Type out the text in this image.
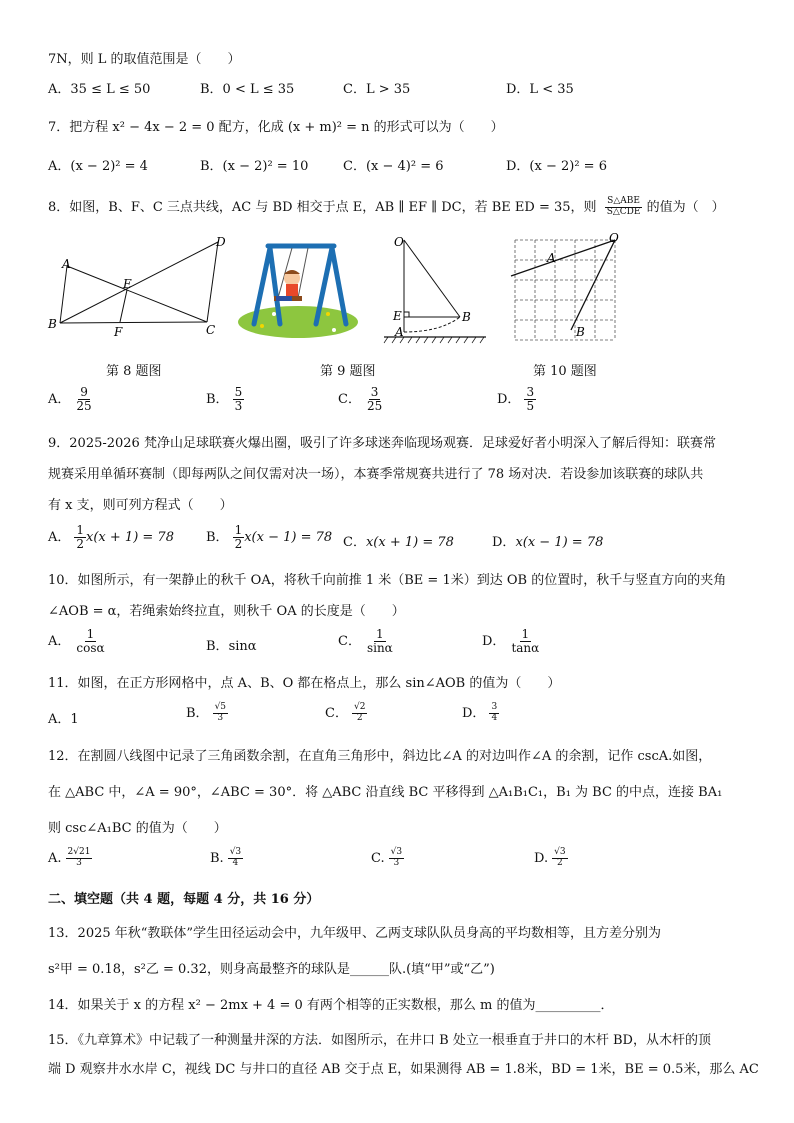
7N，则 L 的取值范围是（　　）
A．35 ≤ L ≤ 50	B．0 < L ≤ 35	C．L > 35	D．L < 35
7．把方程 x² − 4x − 2 = 0 配方，化成 (x + m)² = n 的形式可以为（　　）
A．(x − 2)² = 4	B．(x − 2)² = 10	C．(x − 4)² = 6	D．(x − 2)² = 6
8．如图，B、F、C 三点共线，AC 与 BD 相交于点 E，AB ∥ EF ∥ DC，若 BE ED = 35，则 $\frac{\text{S△ABE}}{\text{S△CDE}}$ 的值为（　）
A
B	C
D
E
F
O
E
A
B
A
O
B
第 8 题图	第 9 题图	第 10 题图
A． $\frac{9}{25}$	B． $\frac{5}{3}$	C． $\frac{3}{25}$	D． $\frac{3}{5}$
9．2025-2026 梵净山足球联赛火爆出圈，吸引了许多球迷奔临现场观赛．足球爱好者小明深入了解后得知：联赛常
规赛采用单循环赛制（即每两队之间仅需对决一场），本赛季常规赛共进行了 78 场对决．若设参加该联赛的球队共
有 x 支，则可列方程式（　　）
A． $\frac{1}{2} x(x + 1) = 78$ B． $\frac{1}{2} x(x - 1) = 78$ C．x(x + 1) = 78	D．x(x − 1) = 78
10．如图所示，有一架静止的秋千 OA，将秋千向前推 1 米（BE = 1米）到达 OB 的位置时，秋千与竖直方向的夹角
∠AOB = α，若绳索始终拉直，则秋千 OA 的长度是（　　）
A． $\frac{1}{\cos\alpha}$	B．sinα	C． $\frac{1}{\sin\alpha}$	D． $\frac{1}{\tan\alpha}$
11．如图，在正方形网格中，点 A、B、O 都在格点上，那么 sin∠AOB 的值为（　　）
A．1	B． $\frac{√5}{3}$	C． $\frac{√2}{2}$	D． $\frac{3}{4}$
12．在割圆八线图中记录了三角函数余割，在直角三角形中，斜边比∠A 的对边叫作∠A 的余割，记作 cscA.如图，
在 △ABC 中，∠A = 90°，∠ABC = 30°．将 △ABC 沿直线 BC 平移得到 △A₁B₁C₁，B₁ 为 BC 的中点，连接 BA₁
则 csc∠A₁BC 的值为（　　）
A. $\frac{2√21}{3}$	B. $\frac{√3}{4}$	C. $\frac{√3}{3}$	D. $\frac{√3}{2}$
二、填空题（共 4 题，每题 4 分，共 16 分）
13．2025 年秋“教联体”学生田径运动会中，九年级甲、乙两支球队队员身高的平均数相等，且方差分别为
s²甲 = 0.18，s²乙 = 0.32，则身高最整齐的球队是______队.(填“甲”或“乙”)
14．如果关于 x 的方程 x² − 2mx + 4 = 0 有两个相等的正实数根，那么 m 的值为__________．
15．《九章算术》中记载了一种测量井深的方法．如图所示，在井口 B 处立一根垂直于井口的木杆 BD，从木杆的顶
端 D 观察井水水岸 C，视线 DC 与井口的直径 AB 交于点 E，如果测得 AB = 1.8米，BD = 1米，BE = 0.5米，那么 AC
